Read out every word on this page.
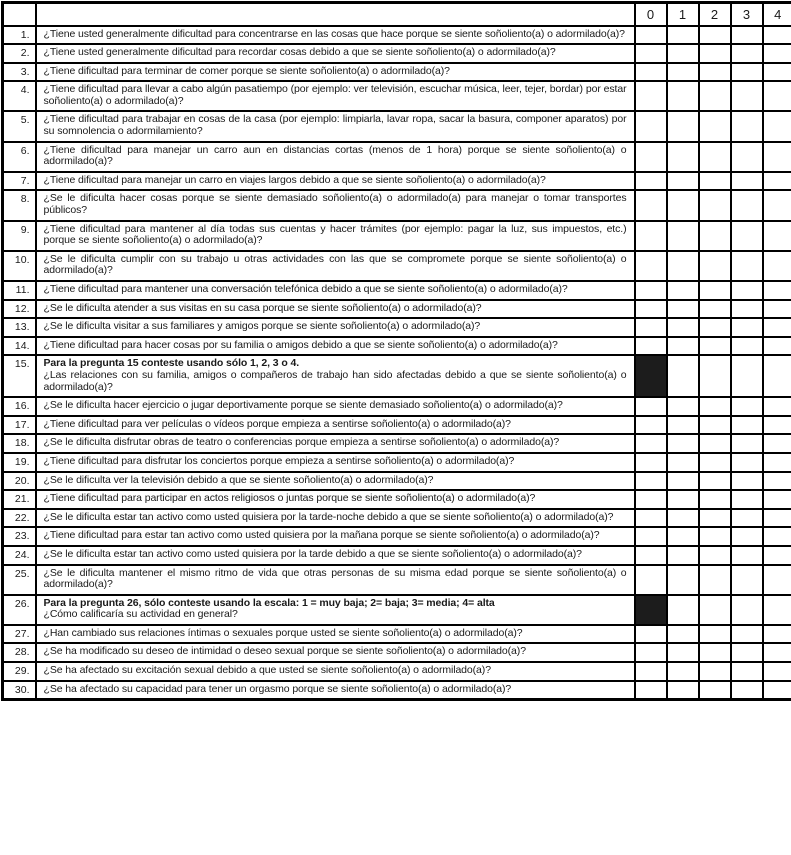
		0	1	2	3	4
1.	¿Tiene usted generalmente dificultad para concentrarse en las cosas que hace porque se siente soñoliento(a) o adormilado(a)?					

2.	¿Tiene usted generalmente dificultad para recordar cosas debido a que se siente soñoliento(a) o adormilado(a)?					

3.	¿Tiene dificultad para terminar de comer porque se siente soñoliento(a) o adormilado(a)?					

4.	¿Tiene dificultad para llevar a cabo algún pasatiempo (por ejemplo: ver televisión, escuchar música, leer, tejer, bordar) por estar soñoliento(a) o adormilado(a)?					

5.	¿Tiene dificultad para trabajar en cosas de la casa (por ejemplo: limpiarla, lavar ropa, sacar la basura, componer aparatos) por su somnolencia o adormilamiento?					

6.	¿Tiene dificultad para manejar un carro aun en distancias cortas (menos de 1 hora) porque se siente soñoliento(a) o adormilado(a)?					

7.	¿Tiene dificultad para manejar un carro en viajes largos debido a que se siente soñoliento(a) o adormilado(a)?					

8.	¿Se le dificulta hacer cosas porque se siente demasiado soñoliento(a) o adormilado(a) para manejar o tomar transportes públicos?					

9.	¿Tiene dificultad para mantener al día todas sus cuentas y hacer trámites (por ejemplo: pagar la luz, sus impuestos, etc.) porque se siente soñoliento(a) o adormilado(a)?					

10.	¿Se le dificulta cumplir con su trabajo u otras actividades con las que se compromete porque se siente soñoliento(a) o adormilado(a)?					

11.	¿Tiene dificultad para mantener una conversación telefónica debido a que se siente soñoliento(a) o adormilado(a)?					

12.	¿Se le dificulta atender a sus visitas en su casa porque se siente soñoliento(a) o adormilado(a)?					

13.	¿Se le dificulta visitar a sus familiares y amigos porque se siente soñoliento(a) o adormilado(a)?					

14.	¿Tiene dificultad para hacer cosas por su familia o amigos debido a que se siente soñoliento(a) o adormilado(a)?					

15.	Para la pregunta 15 conteste usando sólo 1, 2, 3 o 4.
¿Las relaciones con su familia, amigos o compañeros de trabajo han sido afectadas debido a que se siente soñoliento(a) o adormilado(a)?					

16.	¿Se le dificulta hacer ejercicio o jugar deportivamente porque se siente demasiado soñoliento(a) o adormilado(a)?					

17.	¿Tiene dificultad para ver películas o vídeos porque empieza a sentirse soñoliento(a) o adormilado(a)?					

18.	¿Se le dificulta disfrutar obras de teatro o conferencias porque empieza a sentirse soñoliento(a) o adormilado(a)?					

19.	¿Tiene dificultad para disfrutar los conciertos porque empieza a sentirse soñoliento(a) o adormilado(a)?					

20.	¿Se le dificulta ver la televisión debido a que se siente soñoliento(a) o adormilado(a)?					

21.	¿Tiene dificultad para participar en actos religiosos o juntas porque se siente soñoliento(a) o adormilado(a)?					

22.	¿Se le dificulta estar tan activo como usted quisiera por la tarde-noche debido a que se siente soñoliento(a) o adormilado(a)?					

23.	¿Tiene dificultad para estar tan activo como usted quisiera por la mañana porque se siente soñoliento(a) o adormilado(a)?					

24.	¿Se le dificulta estar tan activo como usted quisiera por la tarde debido a que se siente soñoliento(a) o adormilado(a)?					

25.	¿Se le dificulta mantener el mismo ritmo de vida que otras personas de su misma edad porque se siente soñoliento(a) o adormilado(a)?					

26.	Para la pregunta 26, sólo conteste usando la escala: 1 = muy baja; 2= baja; 3= media; 4= alta
¿Cómo calificaría su actividad en general?					

27.	¿Han cambiado sus relaciones íntimas o sexuales porque usted se siente soñoliento(a) o adormilado(a)?					

28.	¿Se ha modificado su deseo de intimidad o deseo sexual porque se siente soñoliento(a) o adormilado(a)?					

29.	¿Se ha afectado su excitación sexual debido a que usted se siente soñoliento(a) o adormilado(a)?					

30.	¿Se ha afectado su capacidad para tener un orgasmo porque se siente soñoliento(a) o adormilado(a)?					
